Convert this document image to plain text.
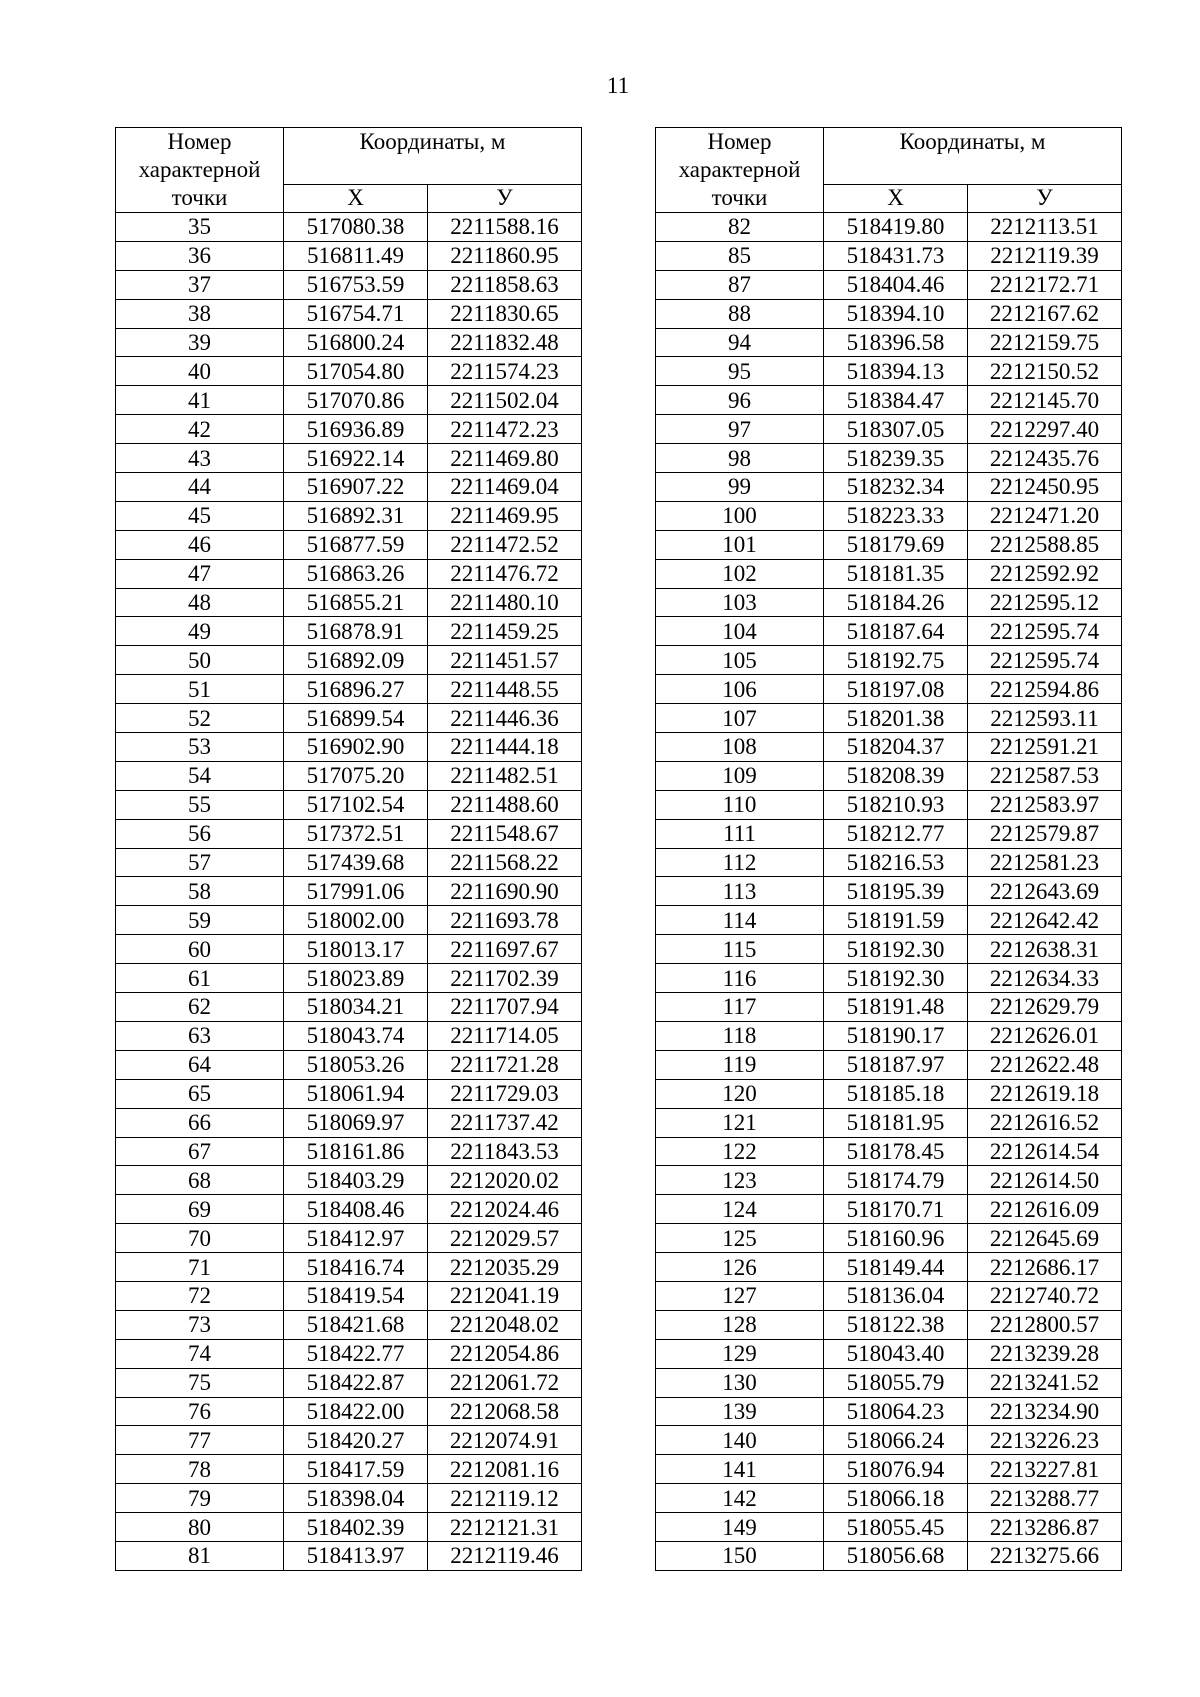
11
Номер характерной точки	Координаты, м	
	X	У
35	517080.38	2211588.16
36	516811.49	2211860.95
37	516753.59	2211858.63
38	516754.71	2211830.65
39	516800.24	2211832.48
40	517054.80	2211574.23
41	517070.86	2211502.04
42	516936.89	2211472.23
43	516922.14	2211469.80
44	516907.22	2211469.04
45	516892.31	2211469.95
46	516877.59	2211472.52
47	516863.26	2211476.72
48	516855.21	2211480.10
49	516878.91	2211459.25
50	516892.09	2211451.57
51	516896.27	2211448.55
52	516899.54	2211446.36
53	516902.90	2211444.18
54	517075.20	2211482.51
55	517102.54	2211488.60
56	517372.51	2211548.67
57	517439.68	2211568.22
58	517991.06	2211690.90
59	518002.00	2211693.78
60	518013.17	2211697.67
61	518023.89	2211702.39
62	518034.21	2211707.94
63	518043.74	2211714.05
64	518053.26	2211721.28
65	518061.94	2211729.03
66	518069.97	2211737.42
67	518161.86	2211843.53
68	518403.29	2212020.02
69	518408.46	2212024.46
70	518412.97	2212029.57
71	518416.74	2212035.29
72	518419.54	2212041.19
73	518421.68	2212048.02
74	518422.77	2212054.86
75	518422.87	2212061.72
76	518422.00	2212068.58
77	518420.27	2212074.91
78	518417.59	2212081.16
79	518398.04	2212119.12
80	518402.39	2212121.31
81	518413.97	2212119.46
Номер характерной точки	Координаты, м	
	X	У
82	518419.80	2212113.51
85	518431.73	2212119.39
87	518404.46	2212172.71
88	518394.10	2212167.62
94	518396.58	2212159.75
95	518394.13	2212150.52
96	518384.47	2212145.70
97	518307.05	2212297.40
98	518239.35	2212435.76
99	518232.34	2212450.95
100	518223.33	2212471.20
101	518179.69	2212588.85
102	518181.35	2212592.92
103	518184.26	2212595.12
104	518187.64	2212595.74
105	518192.75	2212595.74
106	518197.08	2212594.86
107	518201.38	2212593.11
108	518204.37	2212591.21
109	518208.39	2212587.53
110	518210.93	2212583.97
111	518212.77	2212579.87
112	518216.53	2212581.23
113	518195.39	2212643.69
114	518191.59	2212642.42
115	518192.30	2212638.31
116	518192.30	2212634.33
117	518191.48	2212629.79
118	518190.17	2212626.01
119	518187.97	2212622.48
120	518185.18	2212619.18
121	518181.95	2212616.52
122	518178.45	2212614.54
123	518174.79	2212614.50
124	518170.71	2212616.09
125	518160.96	2212645.69
126	518149.44	2212686.17
127	518136.04	2212740.72
128	518122.38	2212800.57
129	518043.40	2213239.28
130	518055.79	2213241.52
139	518064.23	2213234.90
140	518066.24	2213226.23
141	518076.94	2213227.81
142	518066.18	2213288.77
149	518055.45	2213286.87
150	518056.68	2213275.66
